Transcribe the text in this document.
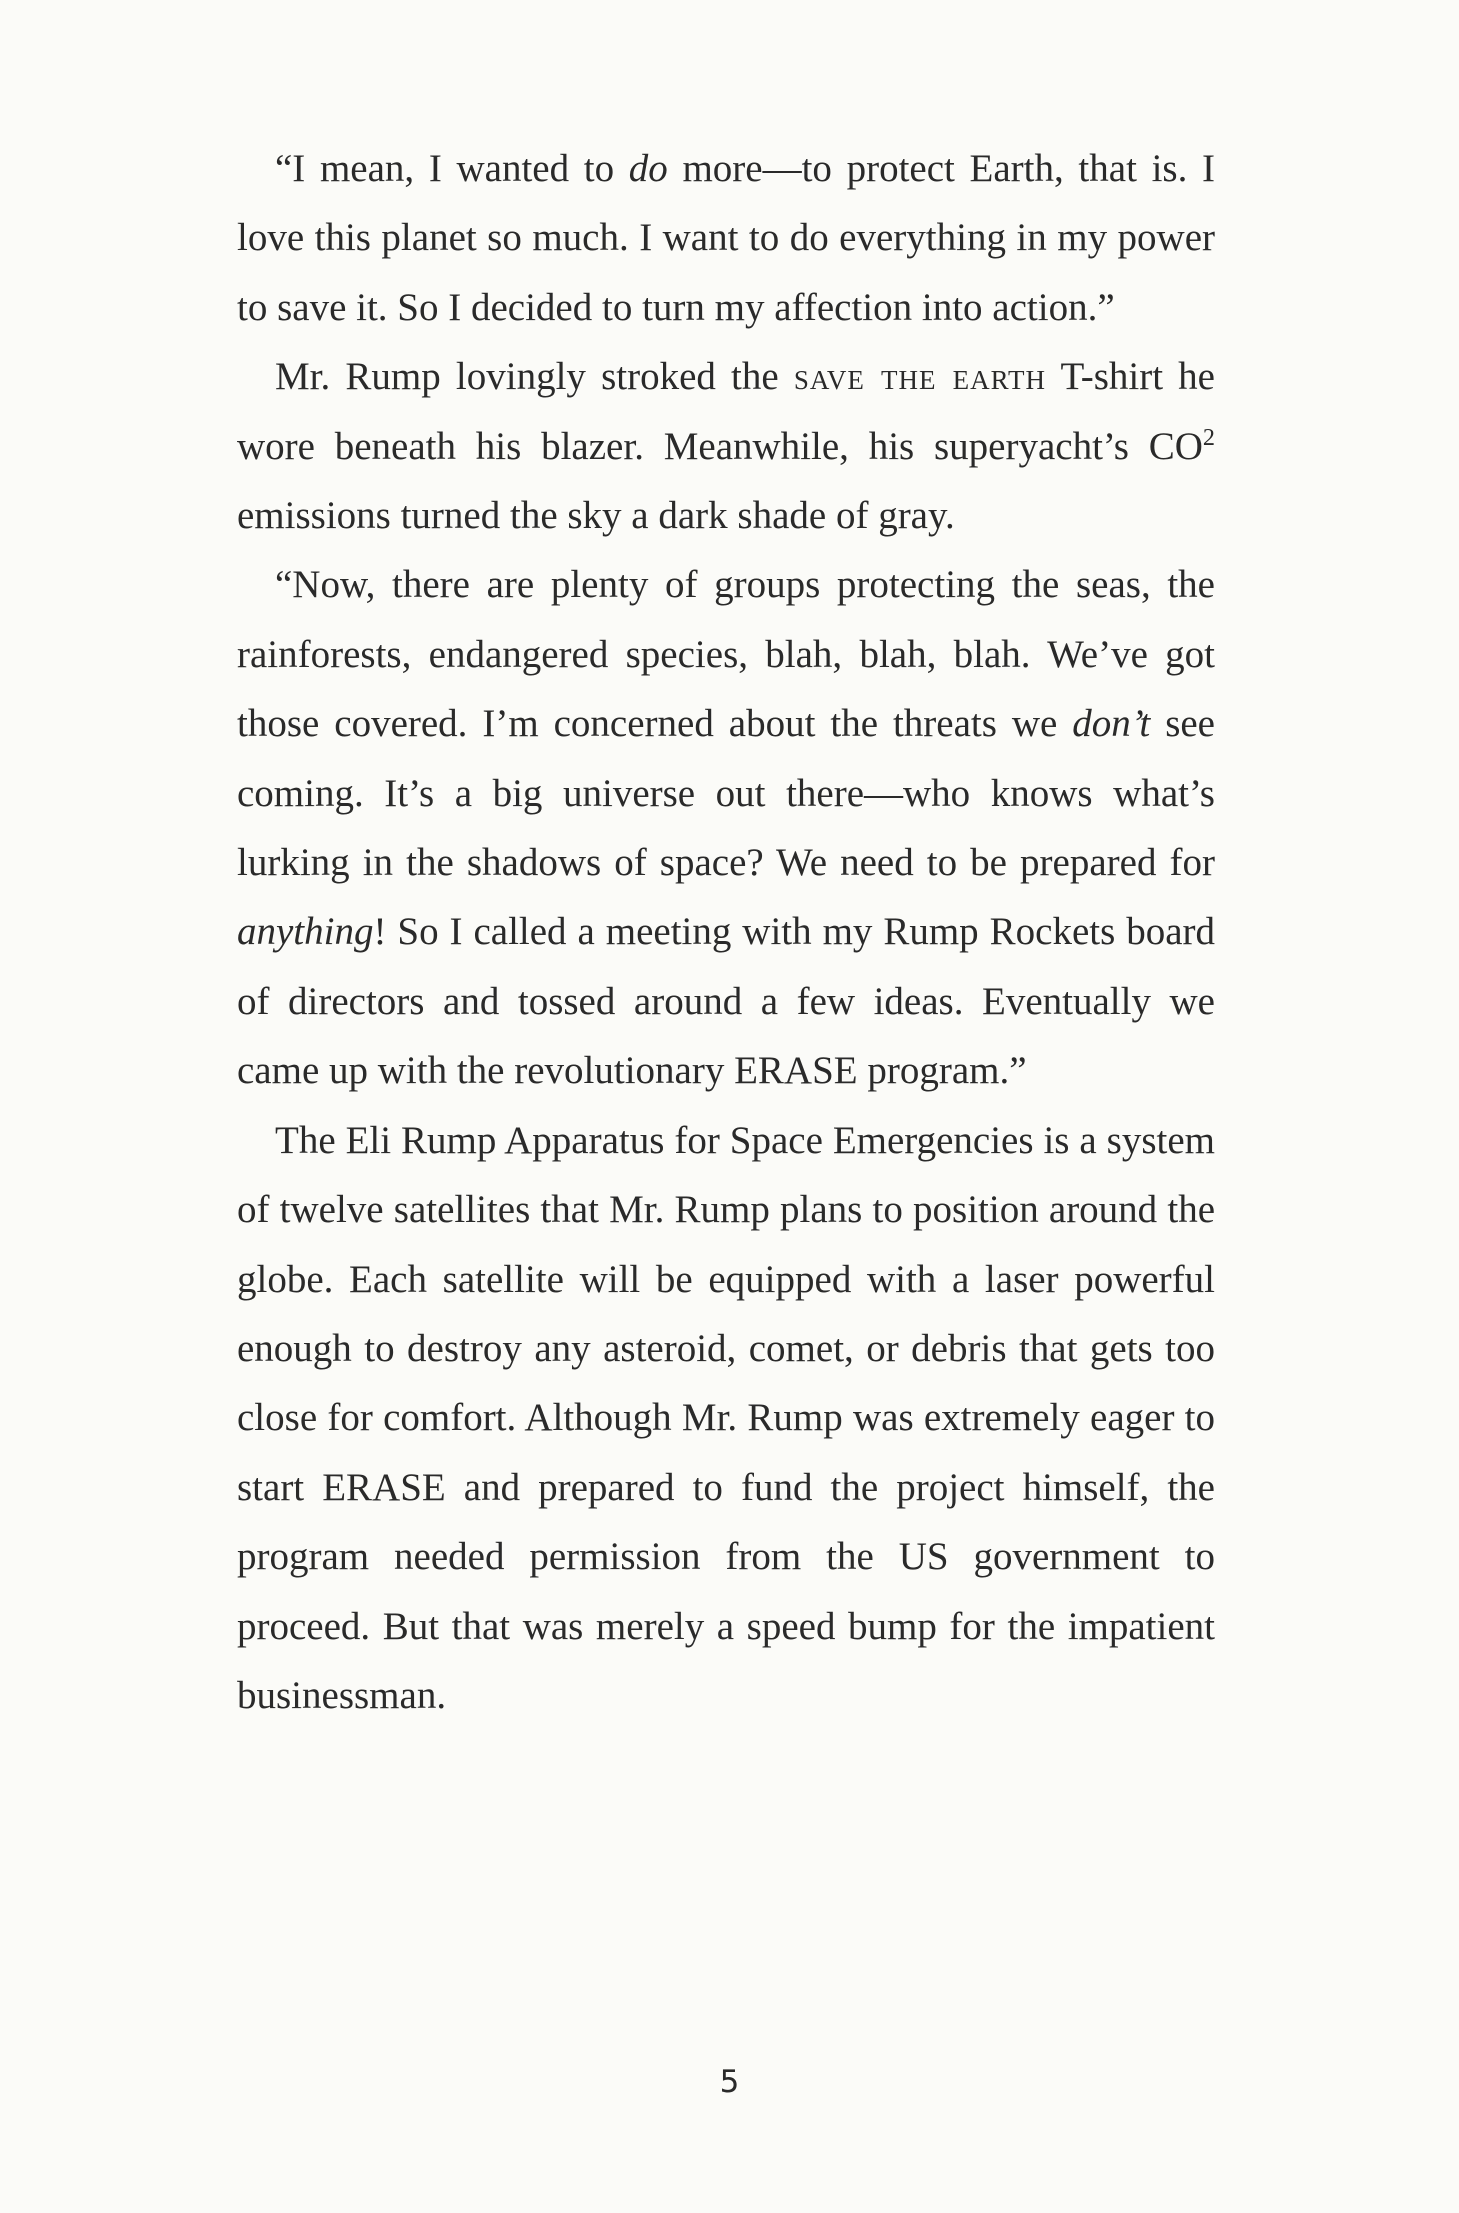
“I mean, I wanted to do more—to protect Earth, that is. I love this planet so much. I want to do everything in my power to save it. So I decided to turn my affection into action.”

Mr. Rump lovingly stroked the save the earth T-shirt he wore beneath his blazer. Meanwhile, his superyacht’s $CO^2$ emissions turned the sky a dark shade of gray.

“Now, there are plenty of groups protecting the seas, the rainforests, endangered species, blah, blah, blah. We’ve got those covered. I’m concerned about the threats we don’t see coming. It’s a big universe out there—who knows what’s lurking in the shadows of space? We need to be prepared for anything! So I called a meeting with my Rump Rockets board of directors and tossed around a few ideas. Eventually we came up with the revolutionary ERASE program.”

The Eli Rump Apparatus for Space Emergencies is a system of twelve satellites that Mr. Rump plans to position around the globe. Each satellite will be equipped with a laser powerful enough to destroy any asteroid, comet, or debris that gets too close for comfort. Although Mr. Rump was extremely eager to start ERASE and prepared to fund the project himself, the program needed permission from the US government to proceed. But that was merely a speed bump for the impatient businessman.

5
